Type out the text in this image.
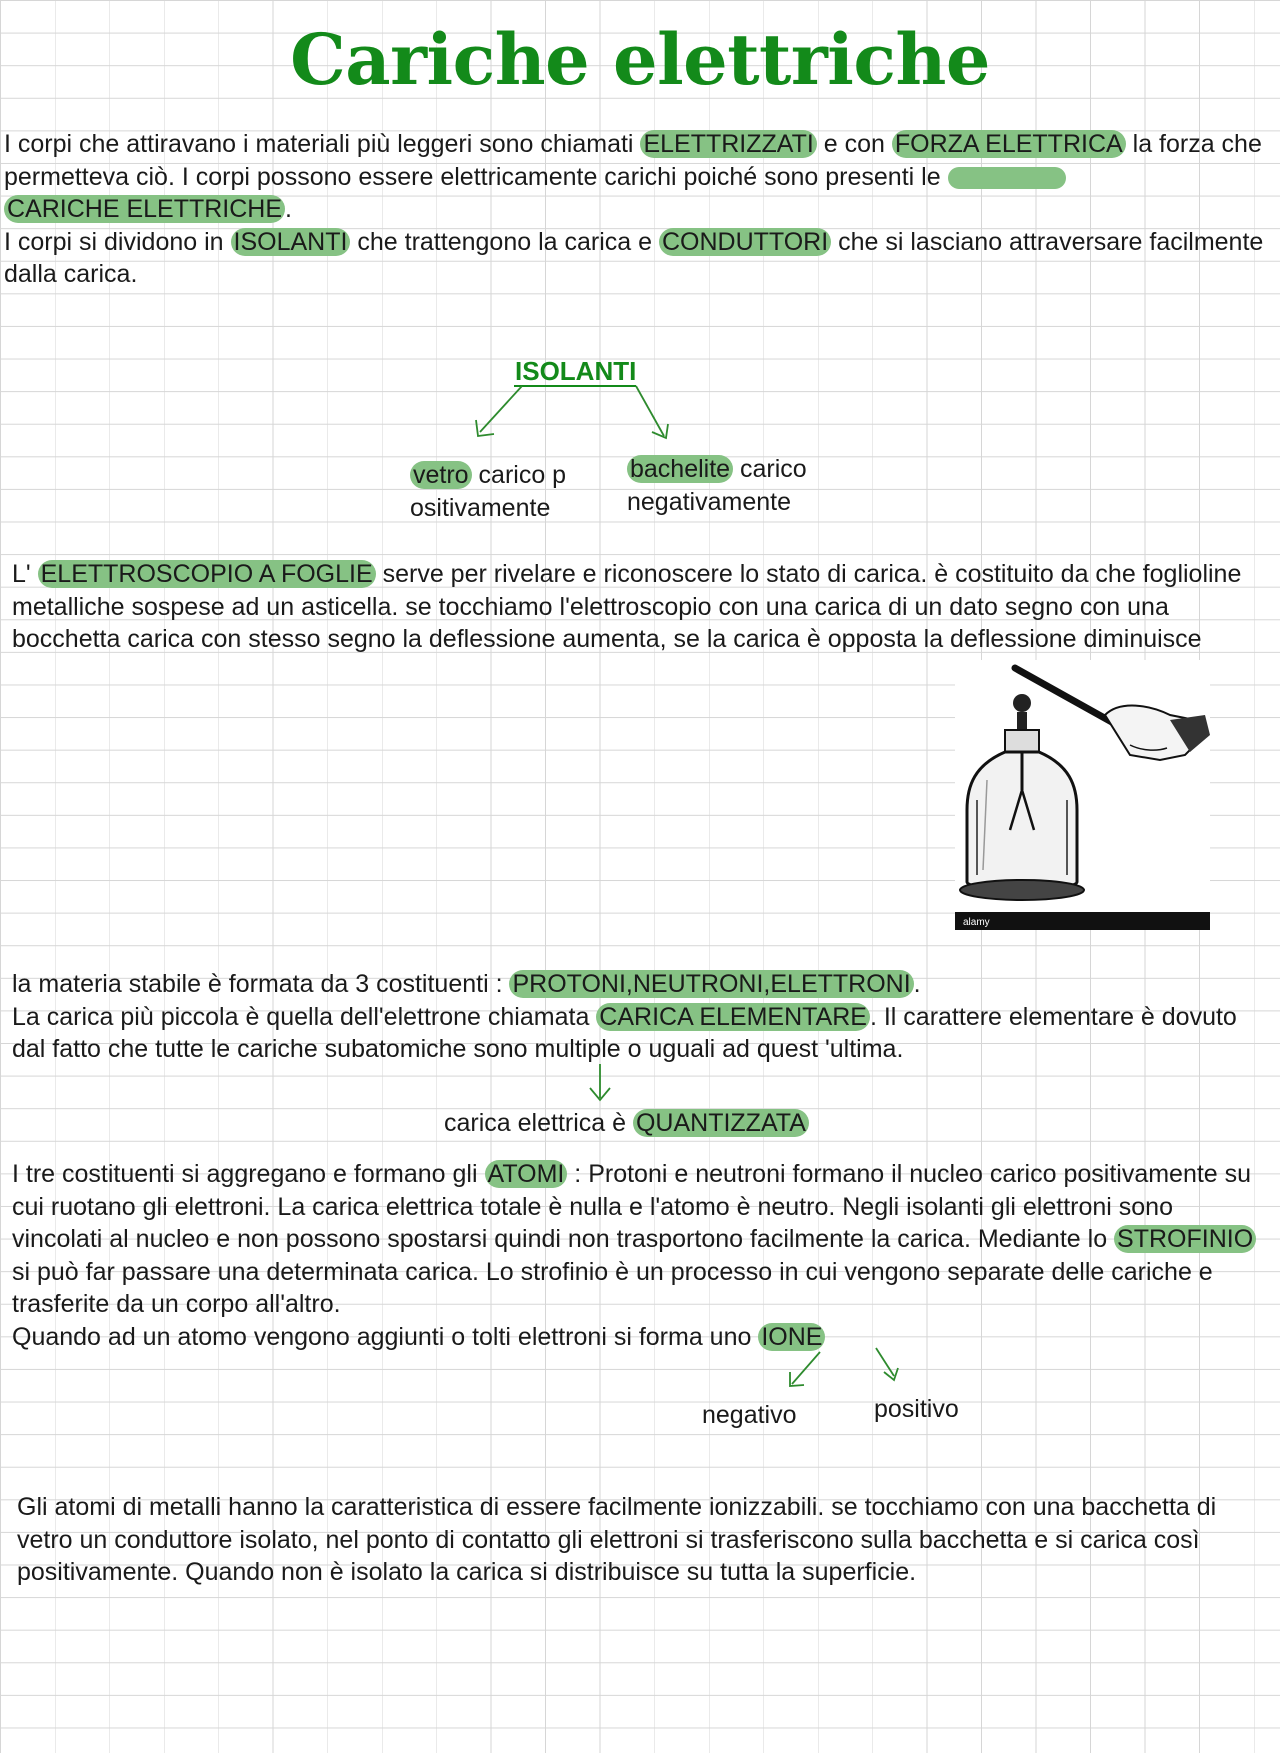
Cariche elettriche

I corpi che attiravano i materiali più leggeri sono chiamati ELETTRIZZATI e con FORZA ELETTRICA la forza che permetteva ciò. I corpi possono essere elettricamente carichi poiché sono presenti le
CARICHE ELETTRICHE .
I corpi si dividono in ISOLANTI che trattengono la carica e CONDUTTORI che si lasciano attraversare facilmente dalla carica.

ISOLANTI
vetro carico p
ositivamente
bachelite carico
negativamente

L' ELETTROSCOPIO A FOGLIE serve per rivelare e riconoscere lo stato di carica. è costituito da che foglioline metalliche sospese ad un asticella. se tocchiamo l'elettroscopio con una carica di un dato segno con una bocchetta carica con stesso segno la deflessione aumenta, se la carica è opposta la deflessione diminuisce

alamy

la materia stabile è formata da 3 costituenti : PROTONI,NEUTRONI,ELETTRONI .
La carica più piccola è quella dell'elettrone chiamata CARICA ELEMENTARE . Il carattere elementare è dovuto dal fatto che tutte le cariche subatomiche sono multiple o uguali ad quest 'ultima.

carica elettrica è QUANTIZZATA

I tre costituenti si aggregano e formano gli ATOMI : Protoni e neutroni formano il nucleo carico positivamente su cui ruotano gli elettroni. La carica elettrica totale è nulla e l'atomo è neutro. Negli isolanti gli elettroni sono vincolati al nucleo e non possono spostarsi quindi non trasportono facilmente la carica. Mediante lo STROFINIO si può far passare una determinata carica. Lo strofinio è un processo in cui vengono separate delle cariche e trasferite da un corpo all'altro.
Quando ad un atomo vengono aggiunti o tolti elettroni si forma uno IONE

negativo	positivo

Gli atomi di metalli hanno la caratteristica di essere facilmente ionizzabili. se tocchiamo con una bacchetta di vetro un conduttore isolato, nel ponto di contatto gli elettroni si trasferiscono sulla bacchetta e si carica così positivamente. Quando non è isolato la carica si distribuisce su tutta la superficie.
